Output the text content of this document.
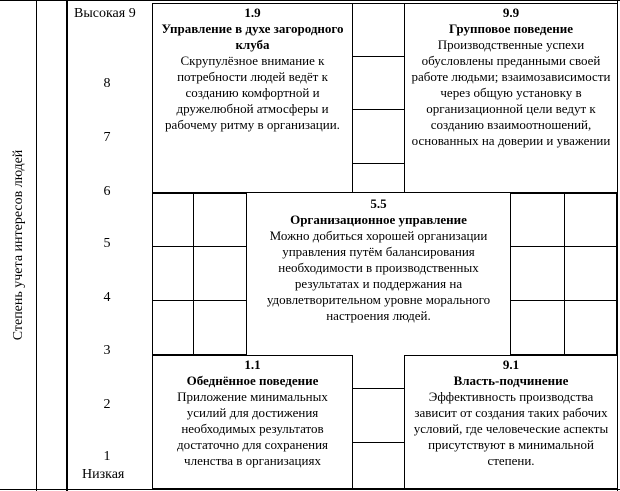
Степень учета интересов людей
Высокая 9
8
7
6
5
4
3
2
1
Низкая
1.9
Управление в духе загородного клуба
Скрупулёзное внимание к потребности людей ведёт к созданию комфортной и дружелюбной атмосферы и рабочему ритму в организации.
9.9
Групповое поведение
Производственные успехи обусловлены преданными своей работе людьми; взаимозависимости через общую установку в организационной цели ведут к созданию взаимоотношений, основанных на доверии и уважении
5.5
Организационное управление
Можно добиться хорошей организации управления путём балансирования необходимости в производственных результатах и поддержания на удовлетворительном уровне морального настроения людей.
1.1
Обеднённое поведение
Приложение минимальных усилий для достижения необходимых результатов достаточно для сохранения членства в организациях
9.1
Власть-подчинение
Эффективность производства зависит от создания таких рабочих условий, где человеческие аспекты присутствуют в минимальной степени.
